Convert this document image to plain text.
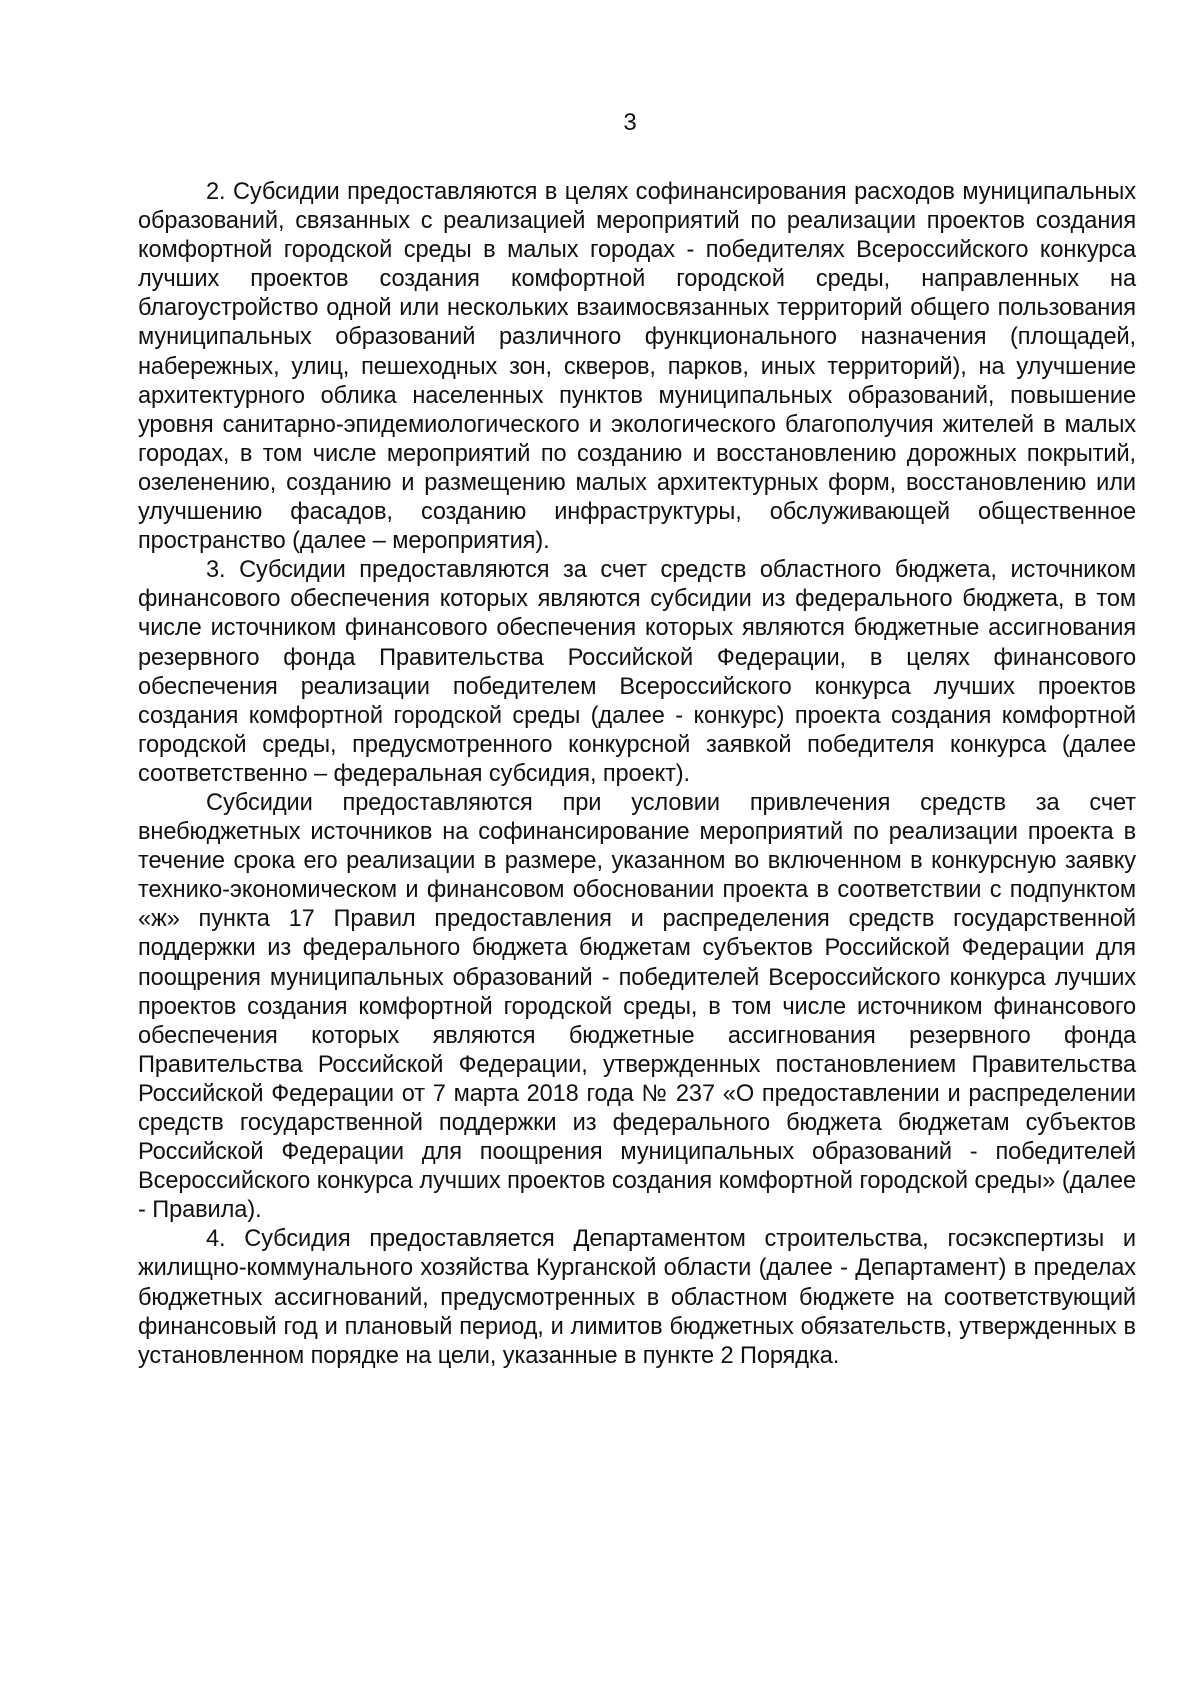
3

2. Субсидии предоставляются в целях софинансирования расходов муниципальных образований, связанных с реализацией мероприятий по реализации проектов создания комфортной городской среды в малых городах - победителях Всероссийского конкурса лучших проектов создания комфортной городской среды, направленных на благоустройство одной или нескольких взаимосвязанных территорий общего пользования муниципальных образований различного функционального назначения (площадей, набережных, улиц, пешеходных зон, скверов, парков, иных территорий), на улучшение архитектурного облика населенных пунктов муниципальных образований, повышение уровня санитарно-эпидемиологического и экологического благополучия жителей в малых городах, в том числе мероприятий по созданию и восстановлению дорожных покрытий, озеленению, созданию и размещению малых архитектурных форм, восстановлению или улучшению фасадов, созданию инфраструктуры, обслуживающей общественное пространство (далее – мероприятия).

3. Субсидии предоставляются за счет средств областного бюджета, источником финансового обеспечения которых являются субсидии из федерального бюджета, в том числе источником финансового обеспечения которых являются бюджетные ассигнования резервного фонда Правительства Российской Федерации, в целях финансового обеспечения реализации победителем Всероссийского конкурса лучших проектов создания комфортной городской среды (далее - конкурс) проекта создания комфортной городской среды, предусмотренного конкурсной заявкой победителя конкурса (далее соответственно – федеральная субсидия, проект).

Субсидии предоставляются при условии привлечения средств за счет внебюджетных источников на софинансирование мероприятий по реализации проекта в течение срока его реализации в размере, указанном во включенном в конкурсную заявку технико-экономическом и финансовом обосновании проекта в соответствии с подпунктом «ж» пункта 17 Правил предоставления и распределения средств государственной поддержки из федерального бюджета бюджетам субъектов Российской Федерации для поощрения муниципальных образований - победителей Всероссийского конкурса лучших проектов создания комфортной городской среды, в том числе источником финансового обеспечения которых являются бюджетные ассигнования резервного фонда Правительства Российской Федерации, утвержденных постановлением Правительства Российской Федерации от 7 марта 2018 года № 237 «О предоставлении и распределении средств государственной поддержки из федерального бюджета бюджетам субъектов Российской Федерации для поощрения муниципальных образований - победителей Всероссийского конкурса лучших проектов создания комфортной городской среды» (далее - Правила).

4. Субсидия предоставляется Департаментом строительства, госэкспертизы и жилищно-коммунального хозяйства Курганской области (далее - Департамент) в пределах бюджетных ассигнований, предусмотренных в областном бюджете на соответствующий финансовый год и плановый период, и лимитов бюджетных обязательств, утвержденных в установленном порядке на цели, указанные в пункте 2 Порядка.
